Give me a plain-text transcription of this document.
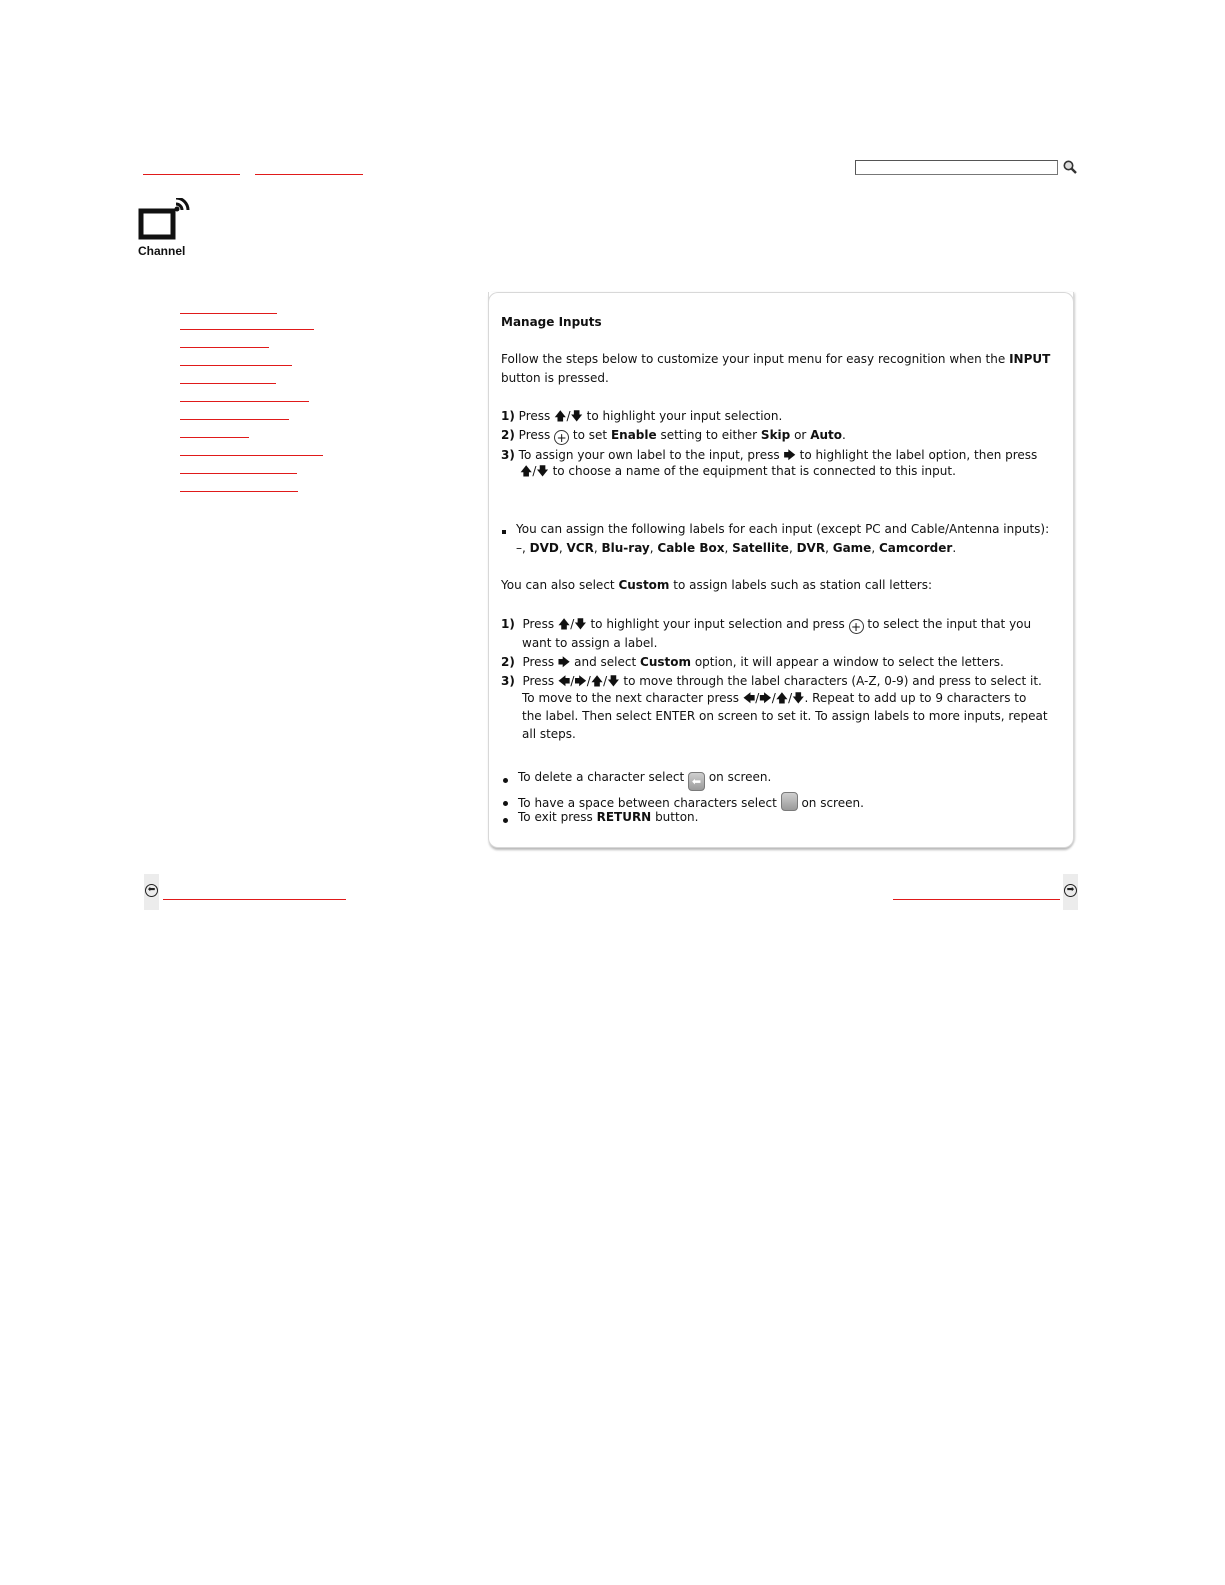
Channel
Manage Inputs
Follow the steps below to customize your input menu for easy recognition when the INPUT
button is pressed.
1) Press 🡅/🡇 to highlight your input selection.
2) Press + to set Enable setting to either Skip or Auto.
3) To assign your own label to the input, press 🡆 to highlight the label option, then press
🡅/🡇 to choose a name of the equipment that is connected to this input.
You can assign the following labels for each input (except PC and Cable/Antenna inputs):
–, DVD, VCR, Blu-ray, Cable Box, Satellite, DVR, Game, Camcorder.
You can also select Custom to assign labels such as station call letters:
1) Press 🡅/🡇 to highlight your input selection and press + to select the input that you
want to assign a label.
2) Press 🡆 and select Custom option, it will appear a window to select the letters.
3) Press 🡄/🡆/🡅/🡇 to move through the label characters (A-Z, 0-9) and press to select it.
To move to the next character press 🡄/🡆/🡅/🡇. Repeat to add up to 9 characters to
the label. Then select ENTER on screen to set it. To assign labels to more inputs, repeat
all steps.
To delete a character select ⬅ on screen.
To have a space between characters select on screen.
To exit press RETURN button.
⬅	➡
